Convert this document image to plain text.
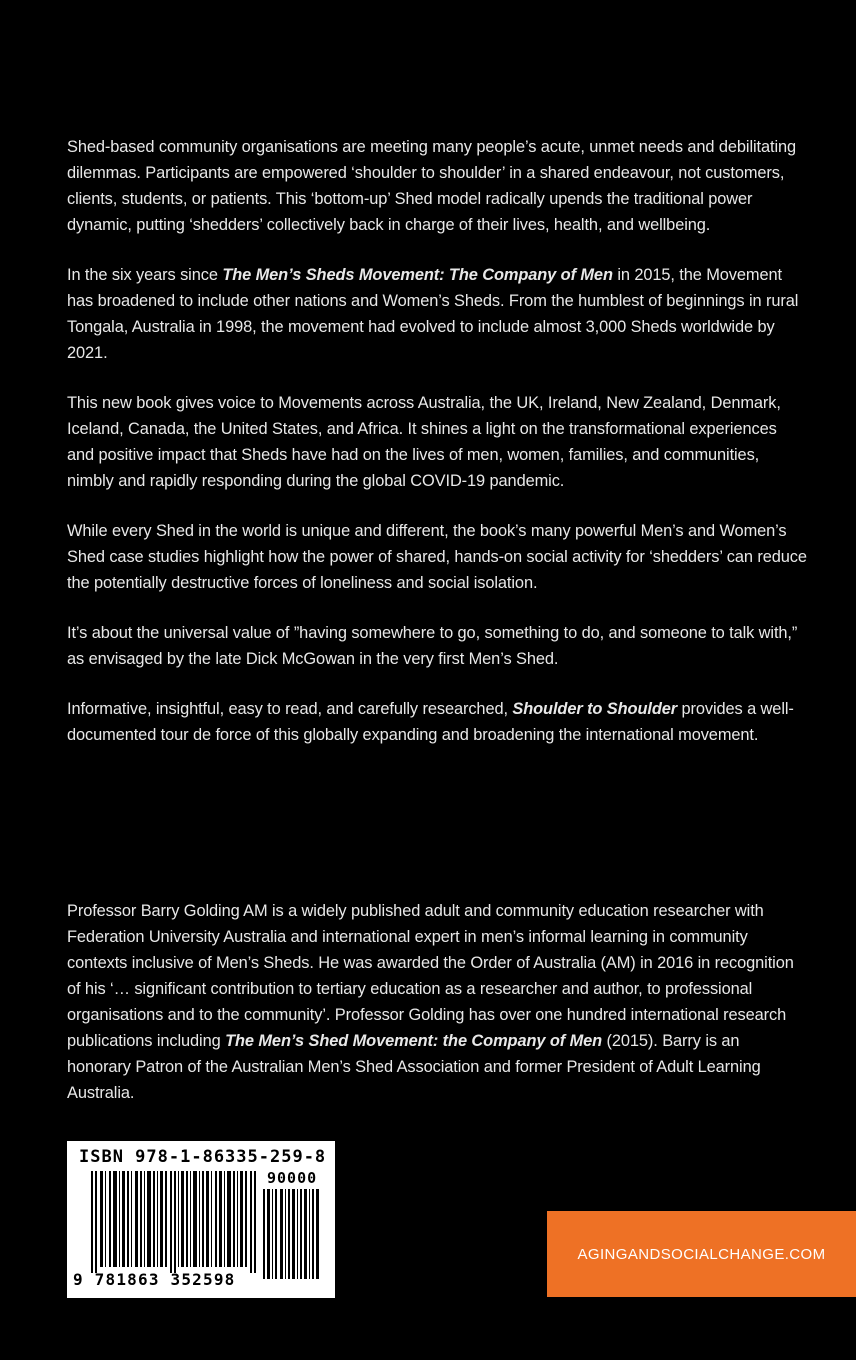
Shed-based community organisations are meeting many people’s acute, unmet needs and debilitating dilemmas. Participants are empowered ‘shoulder to shoulder’ in a shared endeavour, not customers, clients, students, or patients. This ‘bottom-up’ Shed model radically upends the traditional power dynamic, putting ‘shedders’ collectively back in charge of their lives, health, and wellbeing.

In the six years since The Men’s Sheds Movement: The Company of Men in 2015, the Movement has broadened to include other nations and Women’s Sheds. From the humblest of beginnings in rural Tongala, Australia in 1998, the movement had evolved to include almost 3,000 Sheds worldwide by 2021.

This new book gives voice to Movements across Australia, the UK, Ireland, New Zealand, Denmark, Iceland, Canada, the United States, and Africa. It shines a light on the transformational experiences and positive impact that Sheds have had on the lives of men, women, families, and communities, nimbly and rapidly responding during the global COVID-19 pandemic.

While every Shed in the world is unique and different, the book’s many powerful Men’s and Women’s Shed case studies highlight how the power of shared, hands-on social activity for ‘shedders’ can reduce the potentially destructive forces of loneliness and social isolation.

It’s about the universal value of ”having somewhere to go, something to do, and someone to talk with,” as envisaged by the late Dick McGowan in the very first Men’s Shed.

Informative, insightful, easy to read, and carefully researched, Shoulder to Shoulder provides a well-documented tour de force of this globally expanding and broadening the international movement.

Professor Barry Golding AM is a widely published adult and community education researcher with Federation University Australia and international expert in men’s informal learning in community contexts inclusive of Men’s Sheds. He was awarded the Order of Australia (AM) in 2016 in recognition of his ‘… significant contribution to tertiary education as a researcher and author, to professional organisations and to the community’. Professor Golding has over one hundred international research publications including The Men’s Shed Movement: the Company of Men (2015). Barry is an honorary Patron of the Australian Men’s Shed Association and former President of Adult Learning Australia.

ISBN 978-1-86335-259-8
90000
9 781863 352598
AGINGANDSOCIALCHANGE.COM
